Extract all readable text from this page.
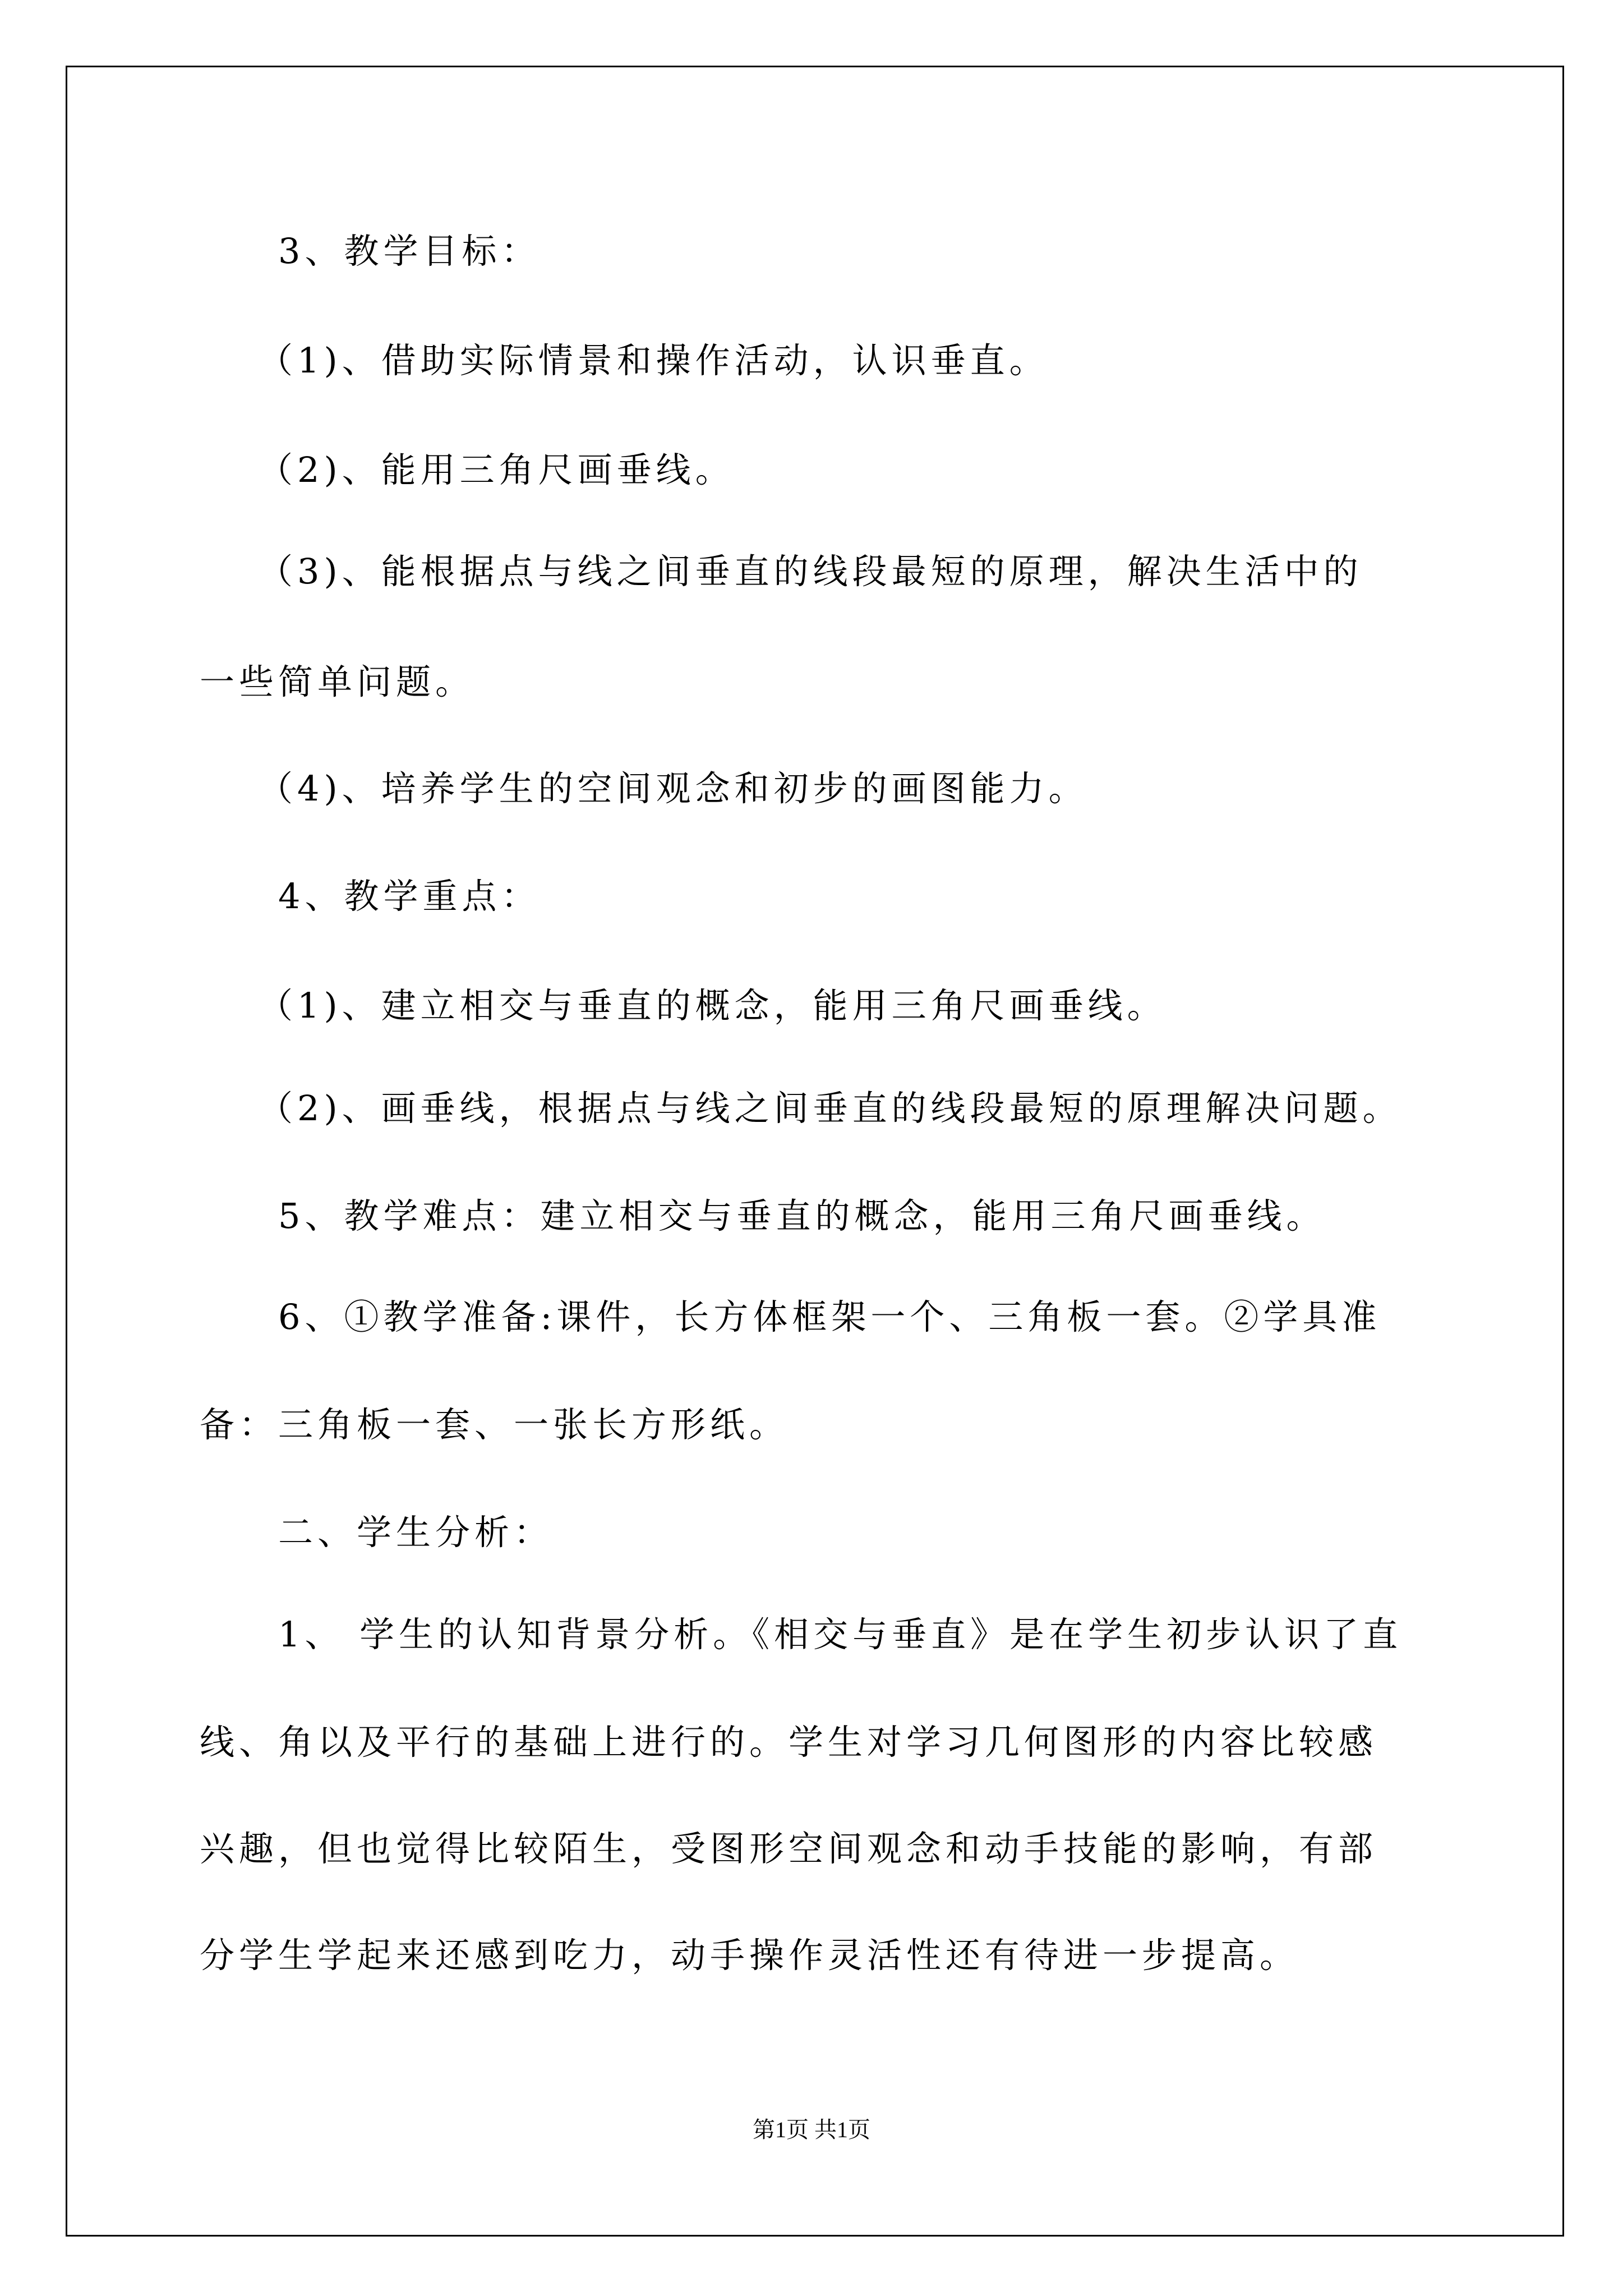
3、教学目标：
（1)、借助实际情景和操作活动，认识垂直。
（2)、能用三角尺画垂线。
（3)、能根据点与线之间垂直的线段最短的原理，解决生活中的
一些简单问题。
（4)、培养学生的空间观念和初步的画图能力。
4、教学重点：
（1)、建立相交与垂直的概念，能用三角尺画垂线。
（2)、画垂线，根据点与线之间垂直的线段最短的原理解决问题。
5、教学难点：建立相交与垂直的概念，能用三角尺画垂线。
6、①教学准备:课件，长方体框架一个、三角板一套。②学具准
备：三角板一套、一张长方形纸。
二、学生分析：
1、 学生的认知背景分析。《相交与垂直》是在学生初步认识了直
线、角以及平行的基础上进行的。学生对学习几何图形的内容比较感
兴趣，但也觉得比较陌生，受图形空间观念和动手技能的影响，有部
分学生学起来还感到吃力，动手操作灵活性还有待进一步提高。
第1页 共1页
